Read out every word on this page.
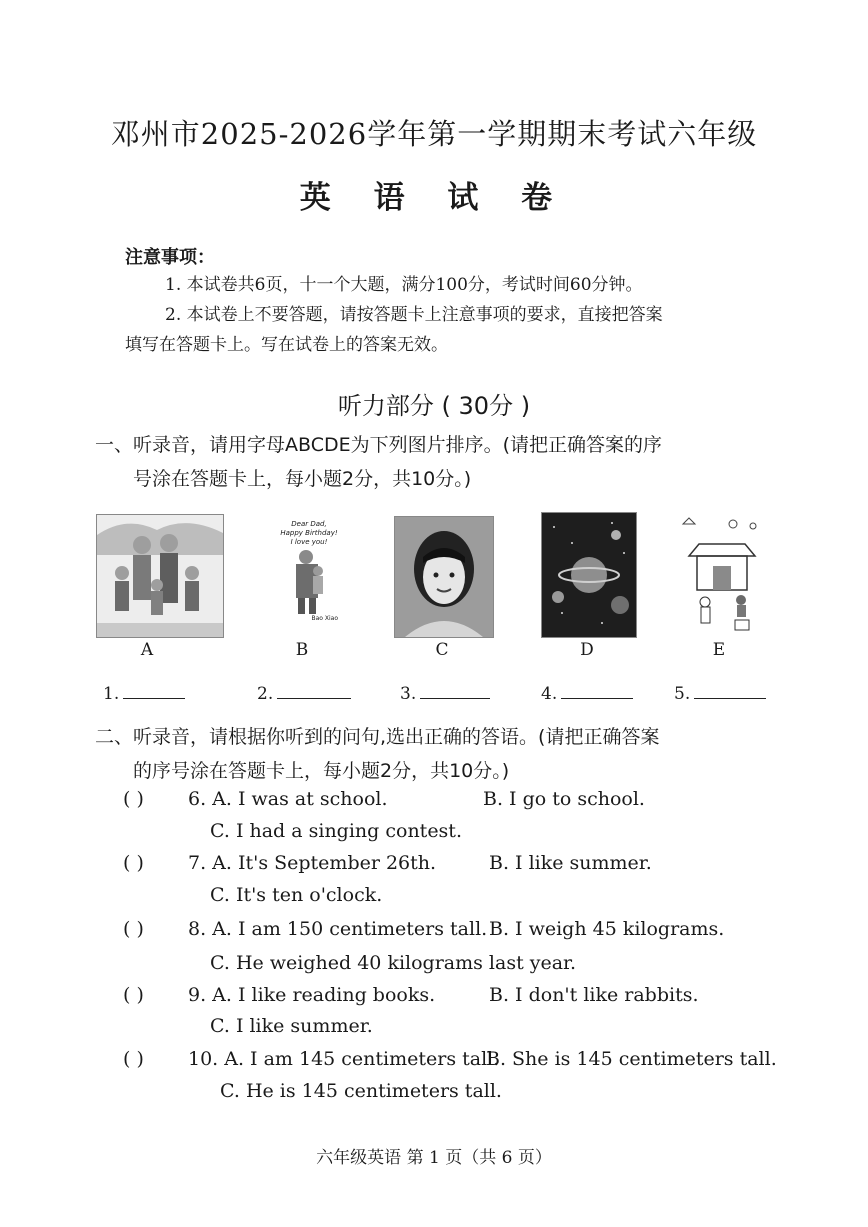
邓州市2025-2026学年第一学期期末考试六年级
英 语 试 卷
注意事项：
1. 本试卷共6页，十一个大题，满分100分，考试时间60分钟。
2. 本试卷上不要答题，请按答题卡上注意事项的要求，直接把答案
填写在答题卡上。写在试卷上的答案无效。
听力部分 ( 30分 )
一、听录音，请用字母ABCDE为下列图片排序。(请把正确答案的序
号涂在答题卡上，每小题2分，共10分。)
Dear Dad,
Happy Birthday!
I love you!
Bao Xiao
A	B	C	D	E
1.	2.	3.	4.	5.
二、听录音，请根据你听到的问句,选出正确的答语。(请把正确答案
的序号涂在答题卡上，每小题2分，共10分。)
( ) 6. A. I was at school.	B. I go to school.
C. I had a singing contest.
( ) 7. A. It's September 26th.	B. I like summer.
C. It's ten o'clock.
( ) 8. A. I am 150 centimeters tall. B. I weigh 45 kilograms.
C. He weighed 40 kilograms last year.
( ) 9. A. I like reading books.	B. I don't like rabbits.
C. I like summer.
( ) 10. A. I am 145 centimeters tall.
B. She is 145 centimeters tall.
C. He is 145 centimeters tall.
六年级英语 第 1 页（共 6 页）
